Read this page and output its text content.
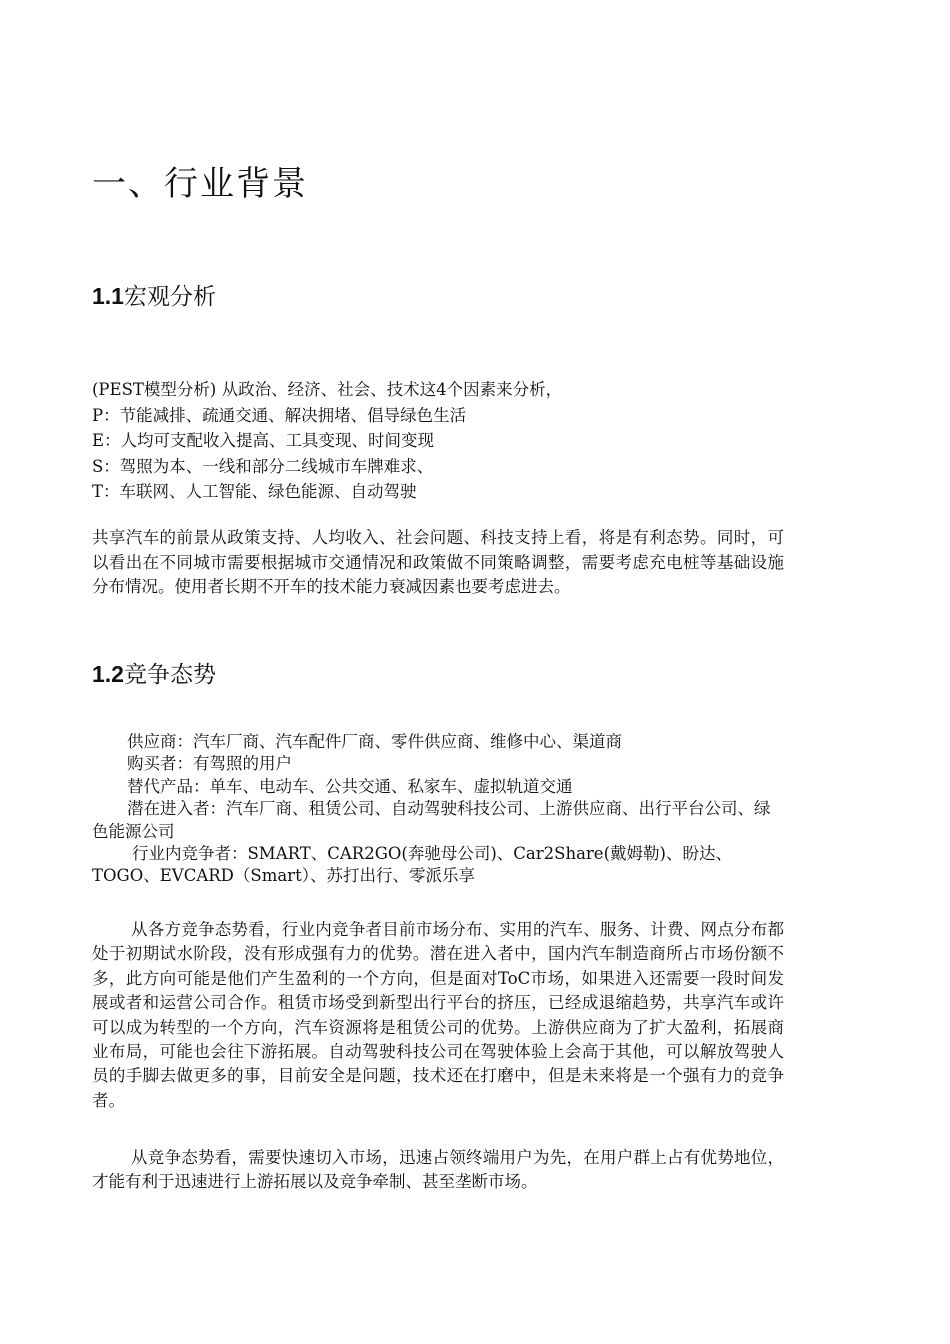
一、行业背景
1.1宏观分析

(PEST模型分析) 从政治、经济、社会、技术这4个因素来分析，

P：节能减排、疏通交通、解决拥堵、倡导绿色生活

E：人均可支配收入提高、工具变现、时间变现

S：驾照为本、一线和部分二线城市车牌难求、

T：车联网、人工智能、绿色能源、自动驾驶

共享汽车的前景从政策支持、人均收入、社会问题、科技支持上看，将是有利态势。同时，可以看出在不同城市需要根据城市交通情况和政策做不同策略调整，需要考虑充电桩等基础设施分布情况。使用者长期不开车的技术能力衰减因素也要考虑进去。

1.2竞争态势

供应商：汽车厂商、汽车配件厂商、零件供应商、维修中心、渠道商

购买者：有驾照的用户

替代产品：单车、电动车、公共交通、私家车、虚拟轨道交通

潜在进入者：汽车厂商、租赁公司、自动驾驶科技公司、上游供应商、出行平台公司、绿色能源公司

行业内竞争者：SMART、CAR2GO(奔驰母公司)、Car2Share(戴姆勒)、盼达、TOGO、EVCARD（Smart）、苏打出行、零派乐享

从各方竞争态势看，行业内竞争者目前市场分布、实用的汽车、服务、计费、网点分布都处于初期试水阶段，没有形成强有力的优势。潜在进入者中，国内汽车制造商所占市场份额不多，此方向可能是他们产生盈利的一个方向，但是面对ToC市场，如果进入还需要一段时间发展或者和运营公司合作。租赁市场受到新型出行平台的挤压，已经成退缩趋势，共享汽车或许可以成为转型的一个方向，汽车资源将是租赁公司的优势。上游供应商为了扩大盈利，拓展商业布局，可能也会往下游拓展。自动驾驶科技公司在驾驶体验上会高于其他，可以解放驾驶人员的手脚去做更多的事，目前安全是问题，技术还在打磨中，但是未来将是一个强有力的竞争者。

从竞争态势看，需要快速切入市场，迅速占领终端用户为先，在用户群上占有优势地位，才能有利于迅速进行上游拓展以及竞争牵制、甚至垄断市场。
